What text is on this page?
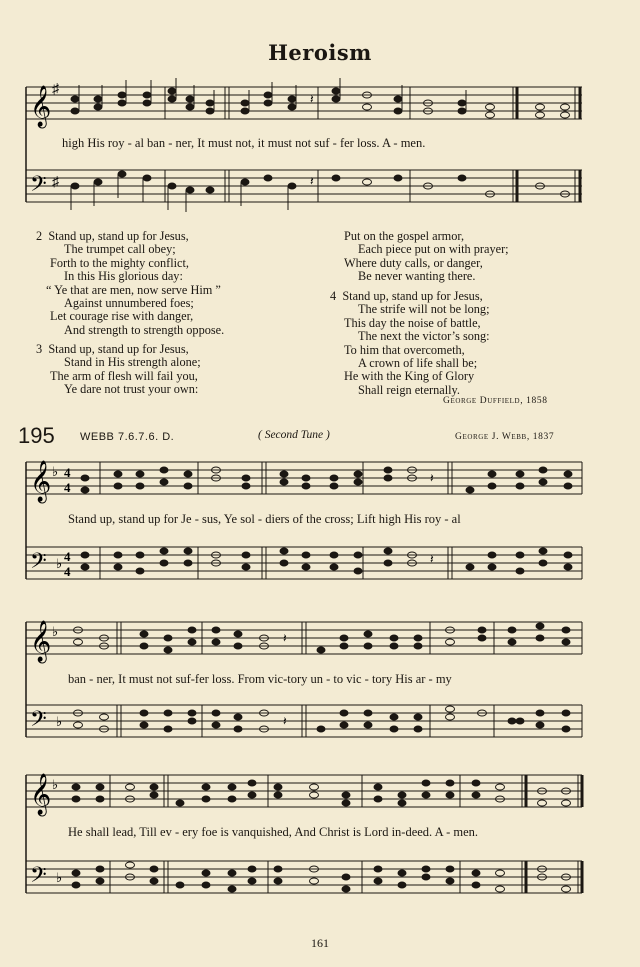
Heroism
𝄞
𝄢
♯
♯
𝄽
𝄽
high His roy - al ban - ner, It must not, it must not suf - fer loss. A - men.
2 Stand up, stand up for Jesus,
The trumpet call obey;
Forth to the mighty conflict,
In this His glorious day:
“ Ye that are men, now serve Him ”
Against unnumbered foes;
Let courage rise with danger,
And strength to strength oppose.
3 Stand up, stand up for Jesus,
Stand in His strength alone;
The arm of flesh will fail you,
Ye dare not trust your own:
Put on the gospel armor,
Each piece put on with prayer;
Where duty calls, or danger,
Be never wanting there.
4 Stand up, stand up for Jesus,
The strife will not be long;
This day the noise of battle,
The next the victor’s song:
To him that overcometh,
A crown of life shall be;
He with the King of Glory
Shall reign eternally.
George Duffield, 1858
195 WEBB 7.6.7.6. D.	( Second Tune )	George J. Webb, 1837
𝄞
𝄢
♭
♭
4
4
4
4
𝄽
𝄽
Stand up, stand up for Je - sus, Ye sol - diers of the cross; Lift high His roy - al
𝄞
𝄢
♭
♭
𝄽
𝄽
ban - ner, It must not suf-fer loss. From vic-tory un - to vic - tory His ar - my
𝄞
𝄢
♭
♭
He shall lead, Till ev - ery foe is vanquished, And Christ is Lord in-deed. A - men.
161
